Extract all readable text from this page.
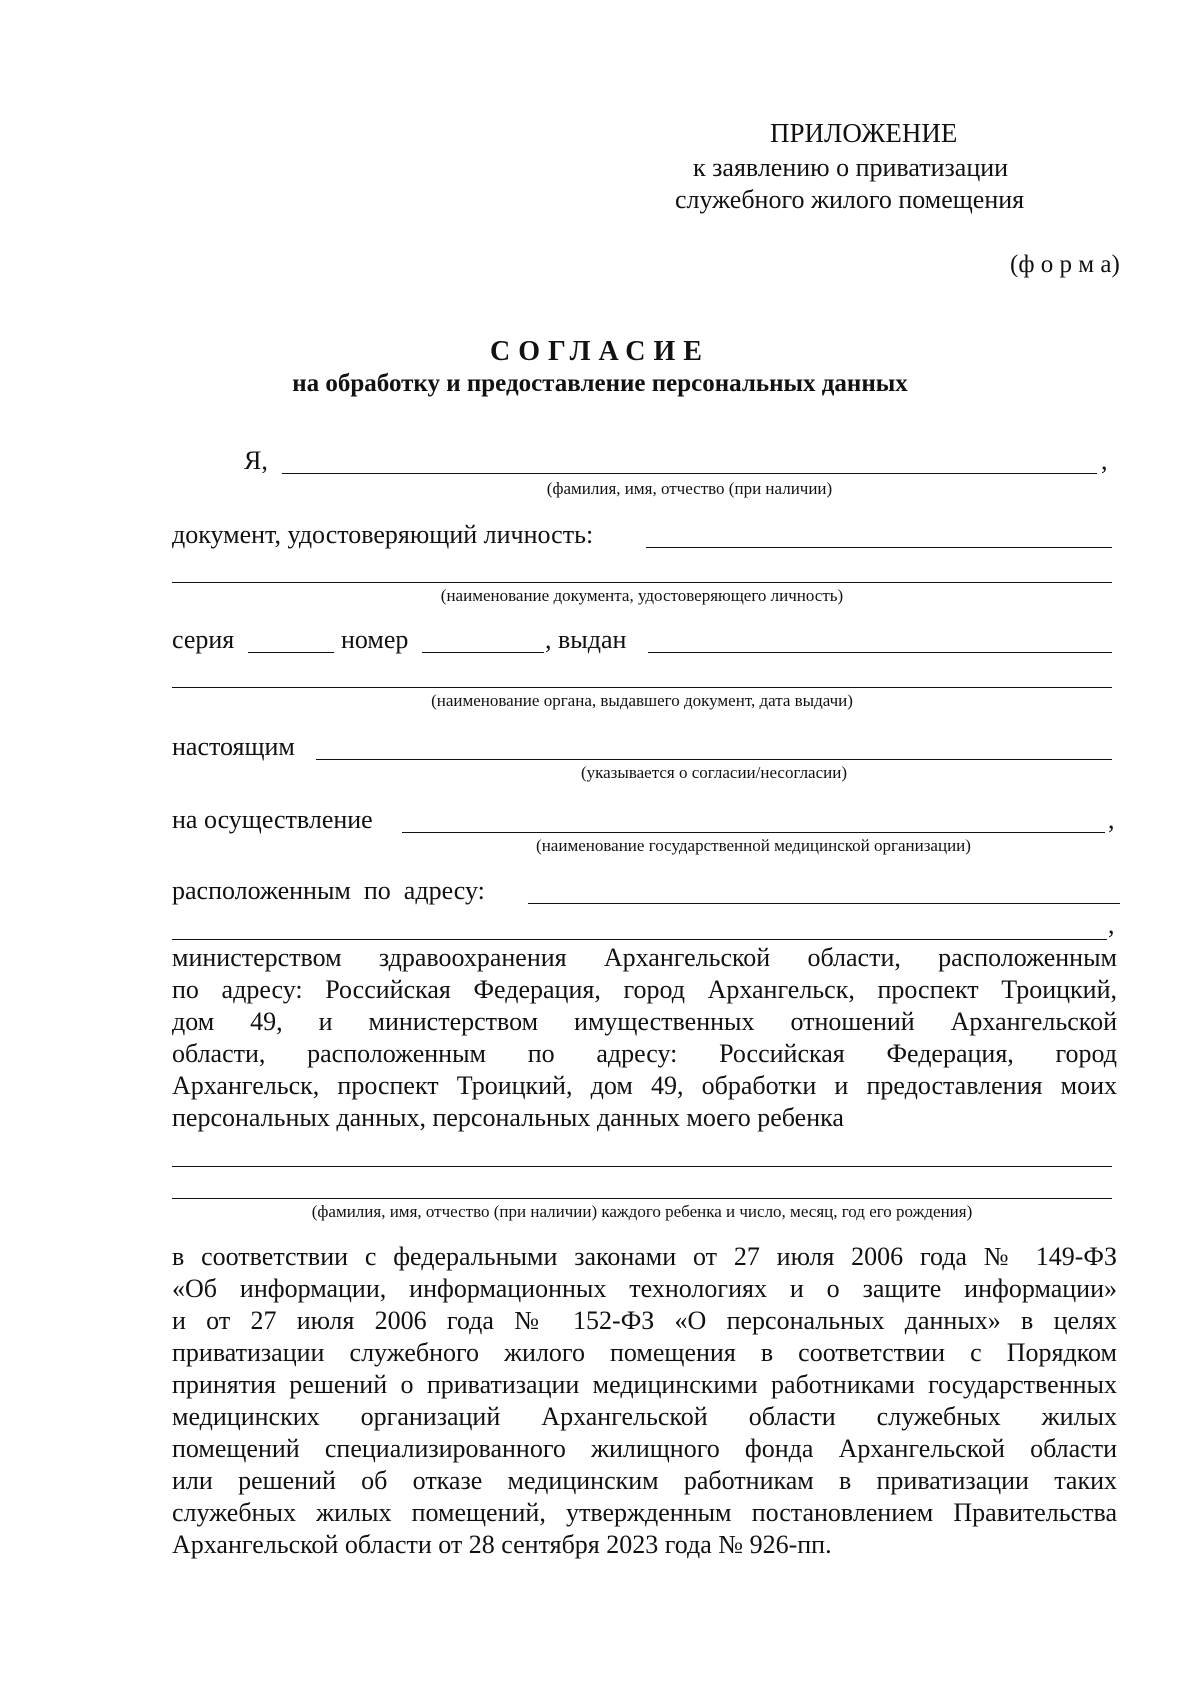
ПРИЛОЖЕНИЕ
к заявлению о приватизации
служебного жилого помещения
(ф о р м а)
СОГЛАСИЕ
на обработку и предоставление персональных данных
Я,	,
(фамилия, имя, отчество (при наличии)
документ, удостоверяющий личность:
(наименование документа, удостоверяющего личность)
серия	номер	, выдан
(наименование органа, выдавшего документ, дата выдачи)
настоящим
(указывается о согласии/несогласии)
на осуществление	,
(наименование государственной медицинской организации)
расположенным  по  адресу:
,
министерством здравоохранения Архангельской области, расположенным
по адресу: Российская Федерация, город Архангельск, проспект Троицкий,
дом 49, и министерством имущественных отношений Архангельской
области, расположенным по адресу: Российская Федерация, город
Архангельск, проспект Троицкий, дом 49, обработки и предоставления моих
персональных данных, персональных данных моего ребенка
(фамилия, имя, отчество (при наличии) каждого ребенка и число, месяц, год его рождения)
в соответствии с федеральными законами от 27 июля 2006 года № 149-ФЗ
«Об информации, информационных технологиях и о защите информации»
и от 27 июля 2006 года № 152-ФЗ «О персональных данных» в целях
приватизации служебного жилого помещения в соответствии с Порядком
принятия решений о приватизации медицинскими работниками государственных
медицинских организаций Архангельской области служебных жилых
помещений специализированного жилищного фонда Архангельской области
или решений об отказе медицинским работникам в приватизации таких
служебных жилых помещений, утвержденным постановлением Правительства
Архангельской области от 28 сентября 2023 года № 926-пп.
